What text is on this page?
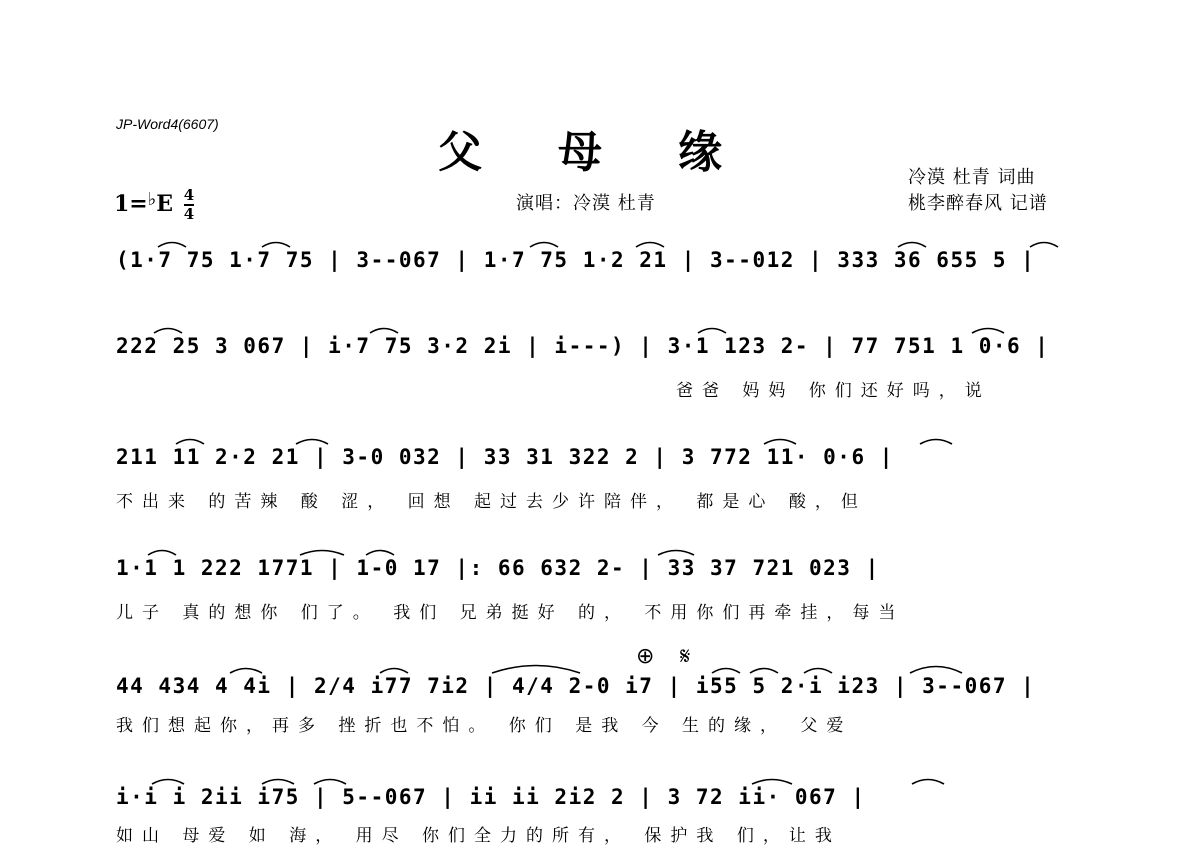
JP-Word4(6607)
父母缘	冷漠 杜青 词曲
桃李醉春风 记谱
演唱：冷漠 杜青
$1=^♭E \frac{4}{4}$
(1·7 75 1·7 75 | 3--067 | 1·7 75 1·2 21 | 3--012 | 333 36 655 5 |
222 25 3 067 | i·7 75 3·2 2i | i---) | 3·1 123 2- | 77 751 1 0·6 |
爸爸 妈妈 你们还好吗，说
211 11 2·2 21 | 3-0 032 | 33 31 322 2 | 3 772 11· 0·6 |
不出来 的苦辣 酸 涩， 回想 起过去少许陪伴， 都是心 酸，但
1·1 1 222 1771 | 1-0 17 |: 66 632 2- | 33 37 721 023 |
儿子 真的想你 们了。 我们 兄弟挺好 的， 不用你们再牵挂，每当
⊕ 𝄋
44 434 4 4i | 2/4 i77 7i2 | 4/4 2-0 i7 | i55 5 2·i i23 | 3--067 |
我们想起你，再多 挫折也不怕。 你们 是我 今 生的缘， 父爱
i·i i 2ii i75 | 5--067 | ii ii 2i2 2 | 3 72 ii· 067 |
如山 母爱 如 海， 用尽 你们全力的所有， 保护我 们，让我
